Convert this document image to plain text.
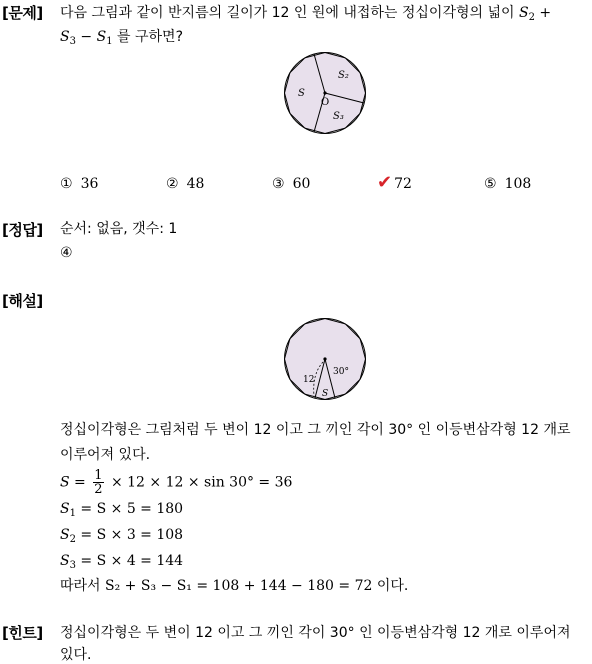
[문제] 다음 그림과 같이 반지름의 길이가 12 인 원에 내접하는 정십이각형의 넓이 $S_2$ +
$S_3 - S_1$ 를 구하면?
S₂
S
S₃
O
① 36	② 48	③ 60	✔ 72	⑤ 108
[정답] 순서: 없음, 갯수: 1
④
[해설]
30°
12
S
정십이각형은 그림처럼 두 변이 12 이고 그 끼인 각이 30° 인 이등변삼각형 12 개로
이루어져 있다.
$S = \frac{1}{2} \times 12 \times 12 \times \sin 30^\circ = 36$
$S_1 = S \times 5 = 180$
$S_2 = S \times 3 = 108$
$S_3 = S \times 4 = 144$
따라서 S₂ + S₃ − S₁ = 108 + 144 − 180 = 72 이다.
[힌트] 정십이각형은 두 변이 12 이고 그 끼인 각이 30° 인 이등변삼각형 12 개로 이루어져
있다.
